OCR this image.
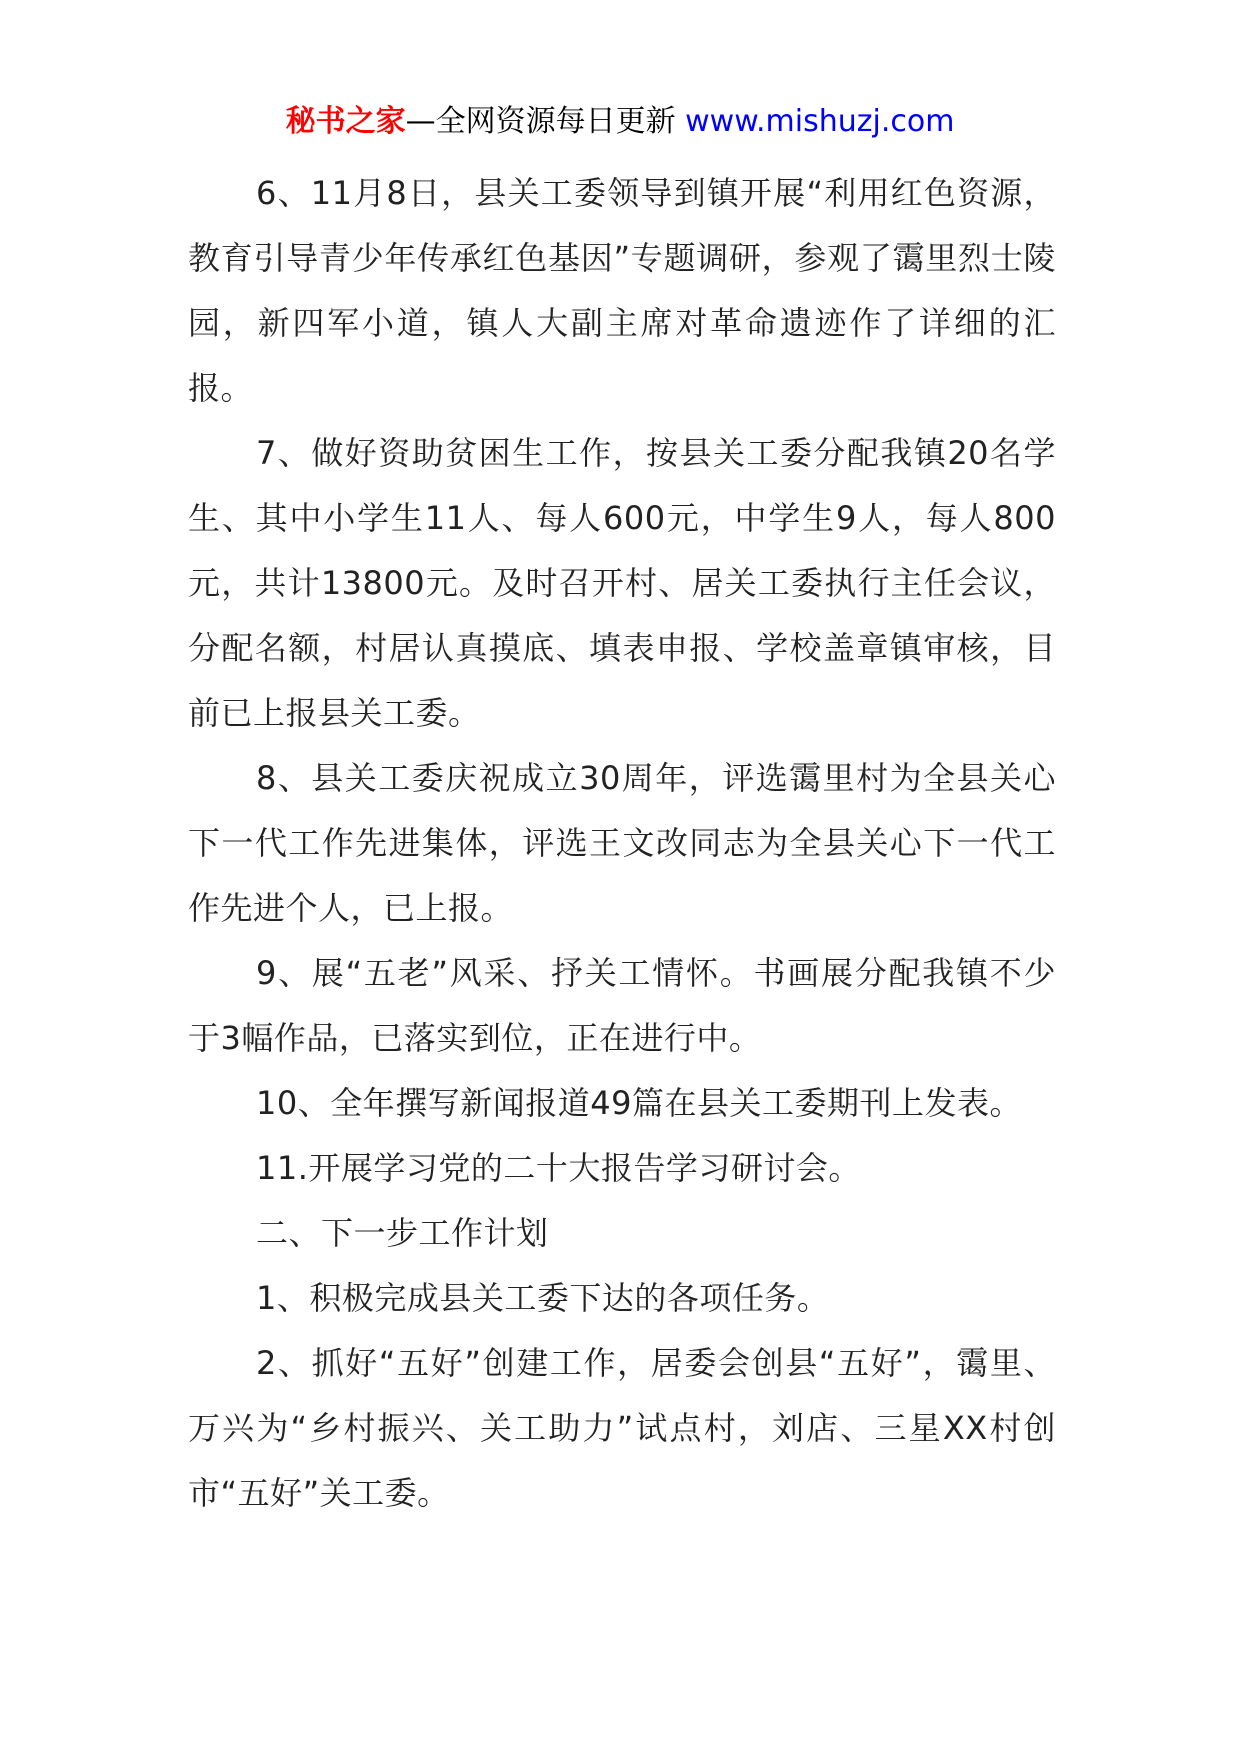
秘书之家—全网资源每日更新 www.mishuzj.com

6、11月8日，县关工委领导到镇开展“利用红色资源，教育引导青少年传承红色基因”专题调研，参观了霭里烈士陵园，新四军小道，镇人大副主席对革命遗迹作了详细的汇报。

7、做好资助贫困生工作，按县关工委分配我镇20名学生、其中小学生11人、每人600元，中学生9人，每人800元，共计13800元。及时召开村、居关工委执行主任会议，分配名额，村居认真摸底、填表申报、学校盖章镇审核，目前已上报县关工委。

8、县关工委庆祝成立30周年，评选霭里村为全县关心下一代工作先进集体，评选王文改同志为全县关心下一代工作先进个人，已上报。

9、展“五老”风采、抒关工情怀。书画展分配我镇不少于3幅作品，已落实到位，正在进行中。

10、全年撰写新闻报道49篇在县关工委期刊上发表。

11.开展学习党的二十大报告学习研讨会。

二、下一步工作计划

1、积极完成县关工委下达的各项任务。

2、抓好“五好”创建工作，居委会创县“五好”，霭里、万兴为“乡村振兴、关工助力”试点村，刘店、三星XX村创市“五好”关工委。
